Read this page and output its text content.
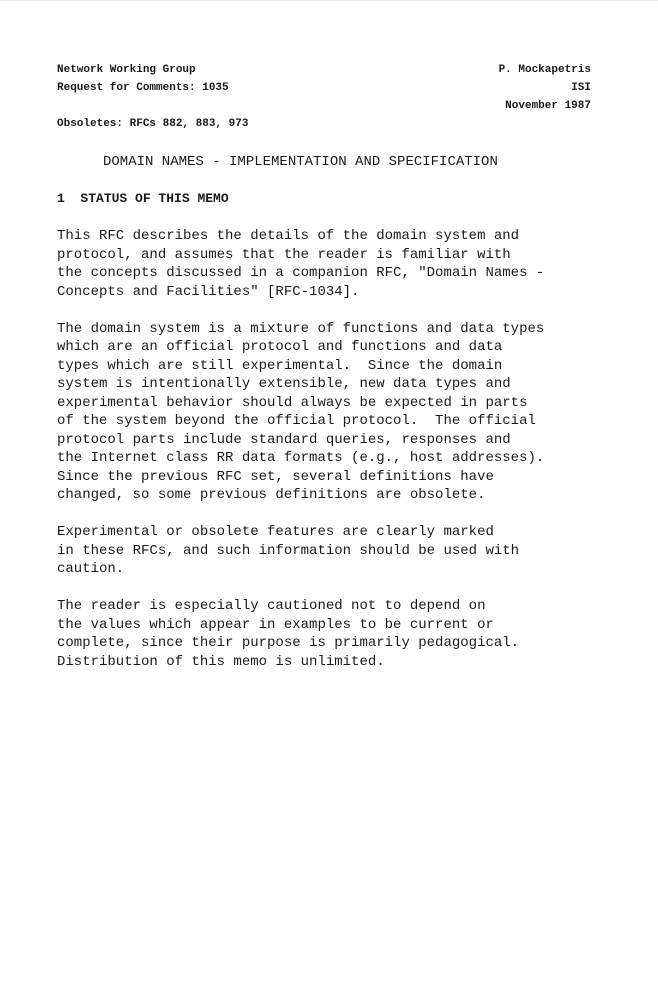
Network Working Group	P. Mockapetris
Request for Comments: 1035	ISI
November 1987
Obsoletes: RFCs 882, 883, 973
DOMAIN NAMES - IMPLEMENTATION AND SPECIFICATION
1 STATUS OF THIS MEMO
This RFC describes the details of the domain system and
protocol, and assumes that the reader is familiar with
the concepts discussed in a companion RFC, "Domain Names -
Concepts and Facilities" [RFC-1034].
The domain system is a mixture of functions and data types
which are an official protocol and functions and data
types which are still experimental.  Since the domain
system is intentionally extensible, new data types and
experimental behavior should always be expected in parts
of the system beyond the official protocol.  The official
protocol parts include standard queries, responses and
the Internet class RR data formats (e.g., host addresses).
Since the previous RFC set, several definitions have
changed, so some previous definitions are obsolete.
Experimental or obsolete features are clearly marked
in these RFCs, and such information should be used with
caution.
The reader is especially cautioned not to depend on
the values which appear in examples to be current or
complete, since their purpose is primarily pedagogical.
Distribution of this memo is unlimited.
